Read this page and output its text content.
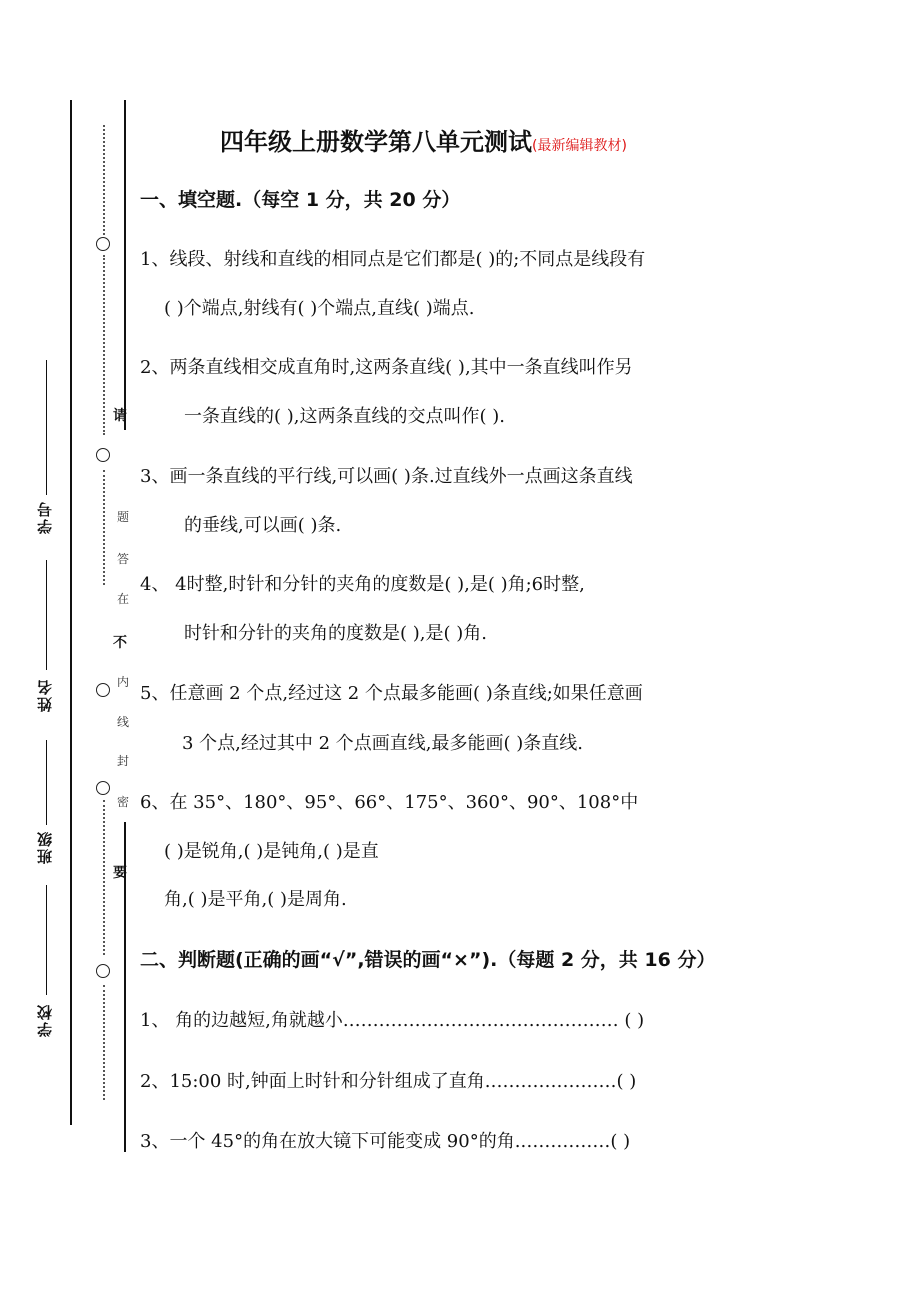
请
题
答
在
不
内
线
封
密
要
学号
姓名
班级
学校
四年级上册数学第八单元测试(最新编辑教材)
一、填空题.（每空 1 分，共 20 分）
1、线段、射线和直线的相同点是它们都是( )的;不同点是线段有
( )个端点,射线有( )个端点,直线( )端点.
2、两条直线相交成直角时,这两条直线( ),其中一条直线叫作另
一条直线的( ),这两条直线的交点叫作( ).
3、画一条直线的平行线,可以画( )条.过直线外一点画这条直线
的垂线,可以画( )条.
4、 4时整,时针和分针的夹角的度数是( ),是( )角;6时整,
时针和分针的夹角的度数是( ),是( )角.
5、任意画 2 个点,经过这 2 个点最多能画( )条直线;如果任意画
3 个点,经过其中 2 个点画直线,最多能画( )条直线.
6、在 35°、180°、95°、66°、175°、360°、90°、108°中
( )是锐角,( )是钝角,( )是直
角,( )是平角,( )是周角.
二、判断题(正确的画“√”,错误的画“×”).（每题 2 分，共 16 分）
1、 角的边越短,角就越小.……………………………………… ( )
2、15:00 时,钟面上时针和分针组成了直角.…………………( )
3、一个 45°的角在放大镜下可能变成 90°的角.……………( )
